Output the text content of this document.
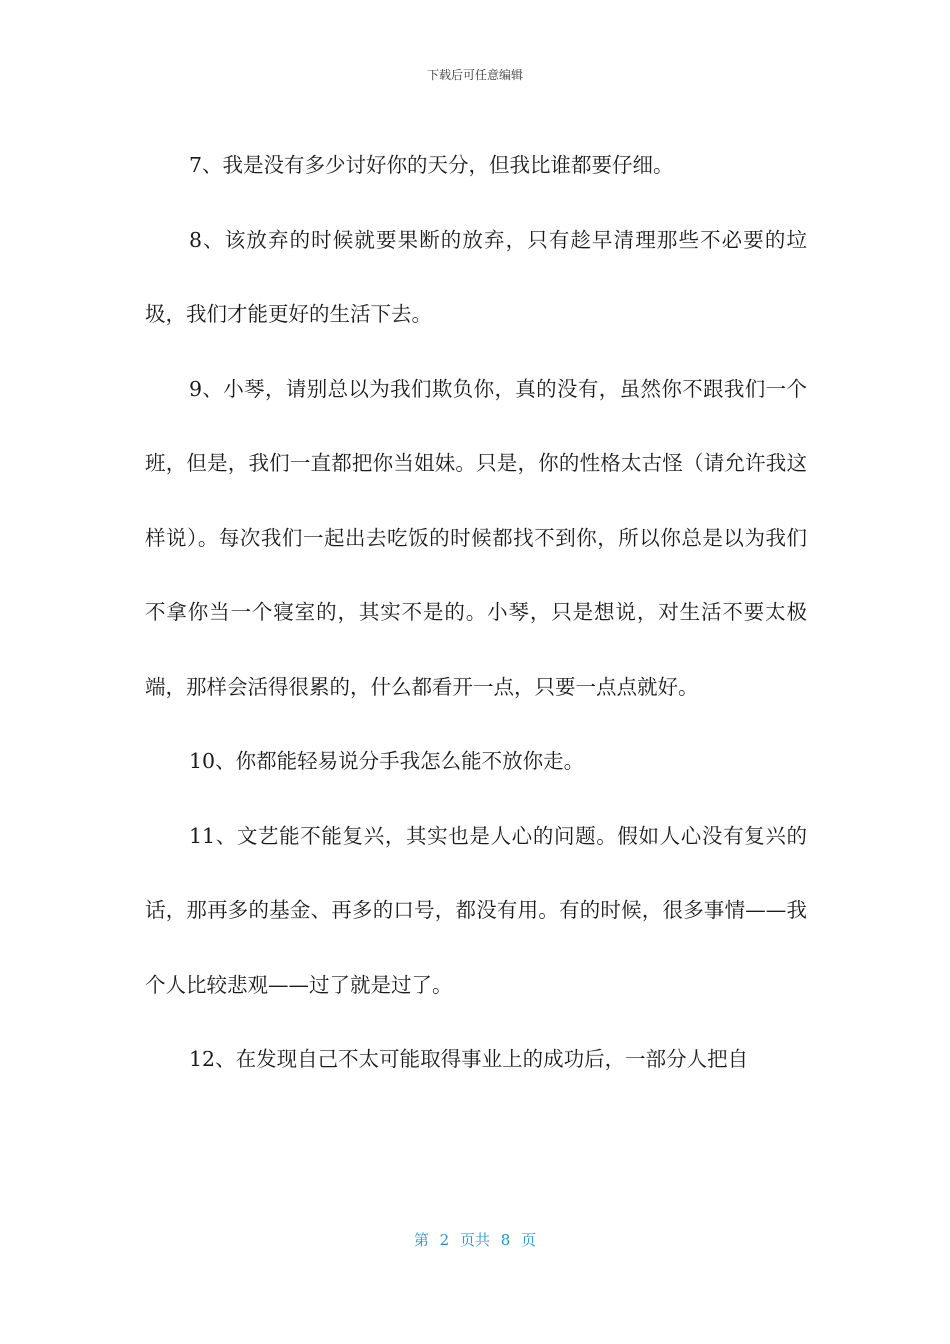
下载后可任意编辑

7、我是没有多少讨好你的天分，但我比谁都要仔细。

8、该放弃的时候就要果断的放弃，只有趁早清理那些不必要的垃圾，我们才能更好的生活下去。

9、小琴，请别总以为我们欺负你，真的没有，虽然你不跟我们一个班，但是，我们一直都把你当姐妹。只是，你的性格太古怪（请允许我这样说）。每次我们一起出去吃饭的时候都找不到你，所以你总是以为我们不拿你当一个寝室的，其实不是的。小琴，只是想说，对生活不要太极端，那样会活得很累的，什么都看开一点，只要一点点就好。

10、你都能轻易说分手我怎么能不放你走。

11、文艺能不能复兴，其实也是人心的问题。假如人心没有复兴的话，那再多的基金、再多的口号，都没有用。有的时候，很多事情——我个人比较悲观——过了就是过了。

12、在发现自己不太可能取得事业上的成功后，一部分人把自

第 2 页共 8 页
